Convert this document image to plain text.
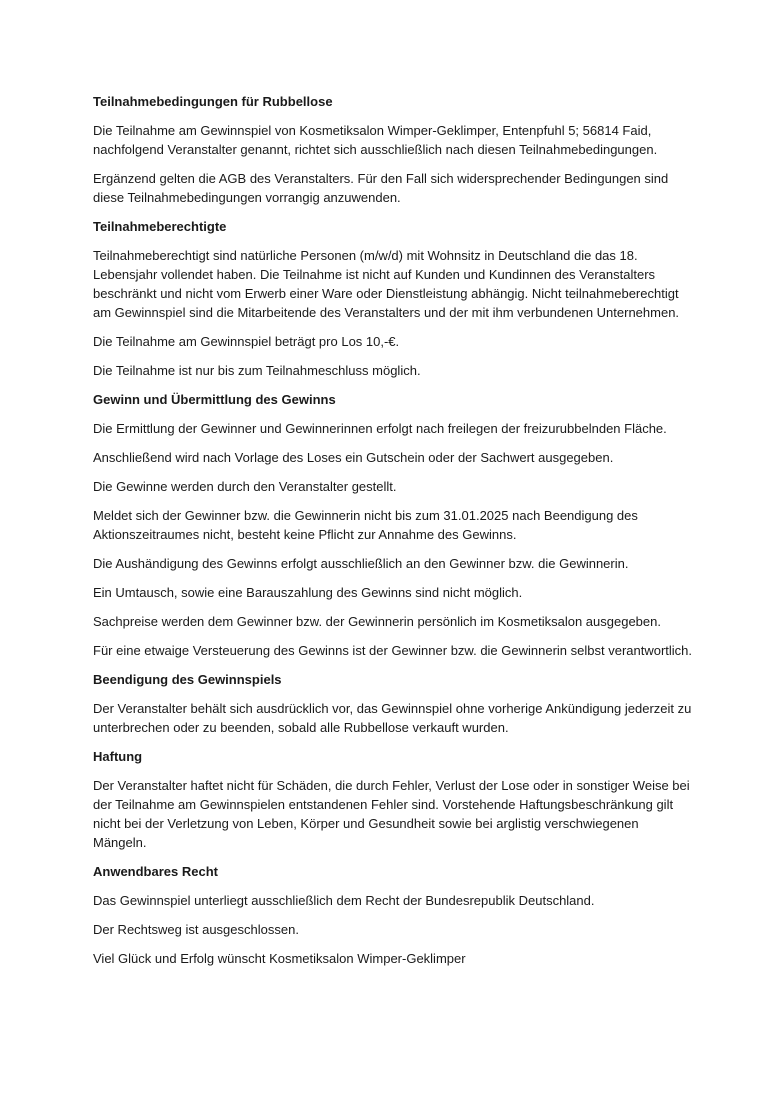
Teilnahmebedingungen für Rubbellose

Die Teilnahme am Gewinnspiel von Kosmetiksalon Wimper-Geklimper, Entenpfuhl 5; 56814 Faid, nachfolgend Veranstalter genannt, richtet sich ausschließlich nach diesen Teilnahmebedingungen.

Ergänzend gelten die AGB des Veranstalters. Für den Fall sich widersprechender Bedingungen sind diese Teilnahmebedingungen vorrangig anzuwenden.

Teilnahmeberechtigte

Teilnahmeberechtigt sind natürliche Personen (m/w/d) mit Wohnsitz in Deutschland die das 18. Lebensjahr vollendet haben. Die Teilnahme ist nicht auf Kunden und Kundinnen des Veranstalters beschränkt und nicht vom Erwerb einer Ware oder Dienstleistung abhängig. Nicht teilnahmeberechtigt am Gewinnspiel sind die Mitarbeitende des Veranstalters und der mit ihm verbundenen Unternehmen.

Die Teilnahme am Gewinnspiel beträgt pro Los 10,-€.

Die Teilnahme ist nur bis zum Teilnahmeschluss möglich.

Gewinn und Übermittlung des Gewinns

Die Ermittlung der Gewinner und Gewinnerinnen erfolgt nach freilegen der freizurubbelnden Fläche.

Anschließend wird nach Vorlage des Loses ein Gutschein oder der Sachwert ausgegeben.

Die Gewinne werden durch den Veranstalter gestellt.

Meldet sich der Gewinner bzw. die Gewinnerin nicht bis zum 31.01.2025 nach Beendigung des Aktionszeitraumes nicht, besteht keine Pflicht zur Annahme des Gewinns.

Die Aushändigung des Gewinns erfolgt ausschließlich an den Gewinner bzw. die Gewinnerin.

Ein Umtausch, sowie eine Barauszahlung des Gewinns sind nicht möglich.

Sachpreise werden dem Gewinner bzw. der Gewinnerin persönlich im Kosmetiksalon ausgegeben.

Für eine etwaige Versteuerung des Gewinns ist der Gewinner bzw. die Gewinnerin selbst verantwortlich.

Beendigung des Gewinnspiels

Der Veranstalter behält sich ausdrücklich vor, das Gewinnspiel ohne vorherige Ankündigung jederzeit zu unterbrechen oder zu beenden, sobald alle Rubbellose verkauft wurden.

Haftung

Der Veranstalter haftet nicht für Schäden, die durch Fehler, Verlust der Lose oder in sonstiger Weise bei der Teilnahme am Gewinnspielen entstandenen Fehler sind. Vorstehende Haftungsbeschränkung gilt nicht bei der Verletzung von Leben, Körper und Gesundheit sowie bei arglistig verschwiegenen Mängeln.

Anwendbares Recht

Das Gewinnspiel unterliegt ausschließlich dem Recht der Bundesrepublik Deutschland.

Der Rechtsweg ist ausgeschlossen.

Viel Glück und Erfolg wünscht Kosmetiksalon Wimper-Geklimper
